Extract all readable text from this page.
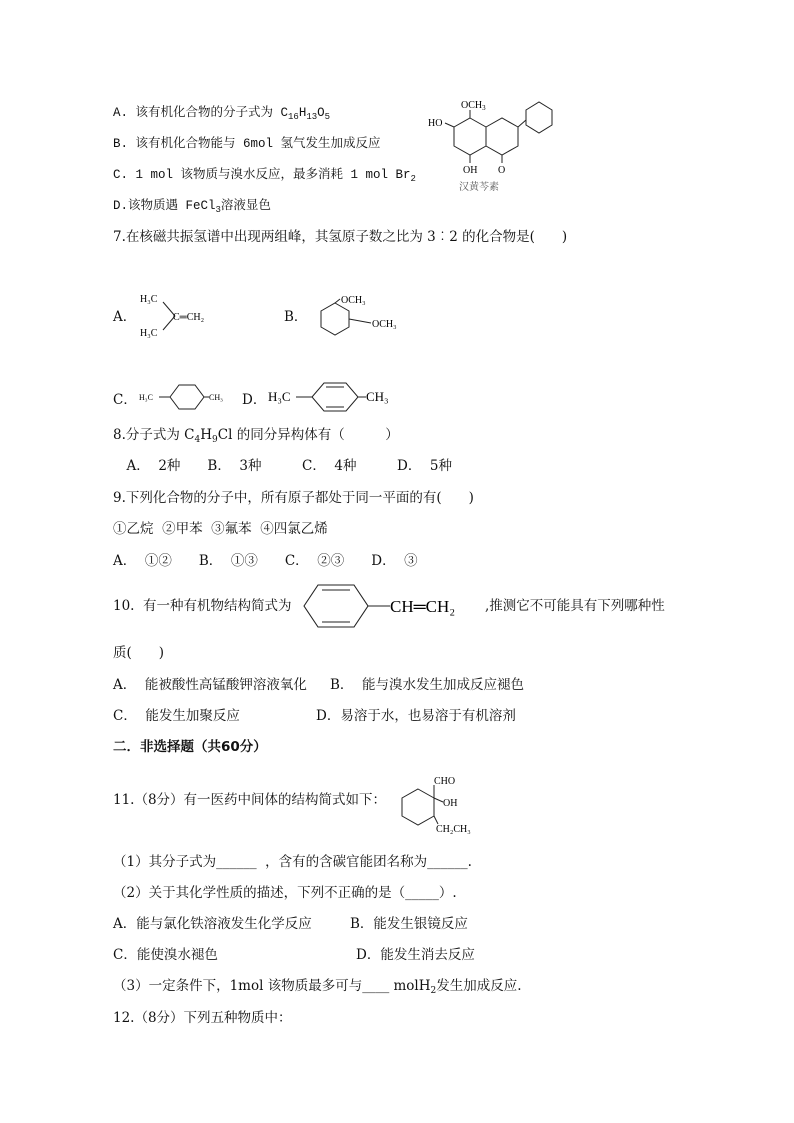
A. 该有机化合物的分子式为 $C_{16}H_{13}O_5$
B. 该有机化合物能与 6mol 氢气发生加成反应
C. 1 mol 该物质与溴水反应，最多消耗 1 mol $Br_2$
D.该物质遇 FeCl$_3$溶液显色
$OCH_3$
HO
OH O
汉黄芩素
7.在核磁共振氢谱中出现两组峰，其氢原子数之比为 3︰2 的化合物是(　　)
A．
H₃C
H₃C
C═CH₂	B．
OCH₃
OCH₃
C． H₃C	CH₃ D． H₃C	CH₃
8.分子式为 $C_4H_9Cl$ 的同分异构体有（　　　）
　A．  2种　　B．  3种　　　C．  4种　　　D．  5种
9.下列化合物的分子中，所有原子都处于同一平面的有(　　)
①乙烷  ②甲苯  ③氟苯  ④四氯乙烯
A．  ①②　　B．  ①③　　C．  ②③　　D．  ③
10.  有一种有机物结构简式为	CH═CH₂ ,推测它不可能具有下列哪种性
质(　　)
A．  能被酸性高锰酸钾溶液氧化 B．  能与溴水发生加成反应褪色
C．  能发生加聚反应	D．易溶于水，也易溶于有机溶剂
二．非选择题（共60分）
11.（8分）有一医药中间体的结构简式如下：
CHO
OH
CH₂CH₃
（1）其分子式为______  ，含有的含碳官能团名称为______.
（2）关于其化学性质的描述，下列不正确的是（_____）.
A．能与氯化铁溶液发生化学反应	B．能发生银镜反应
C．能使溴水褪色	D．能发生消去反应
（3）一定条件下，1mol 该物质最多可与____ molH$_2$发生加成反应.
12.（8分）下列五种物质中：
